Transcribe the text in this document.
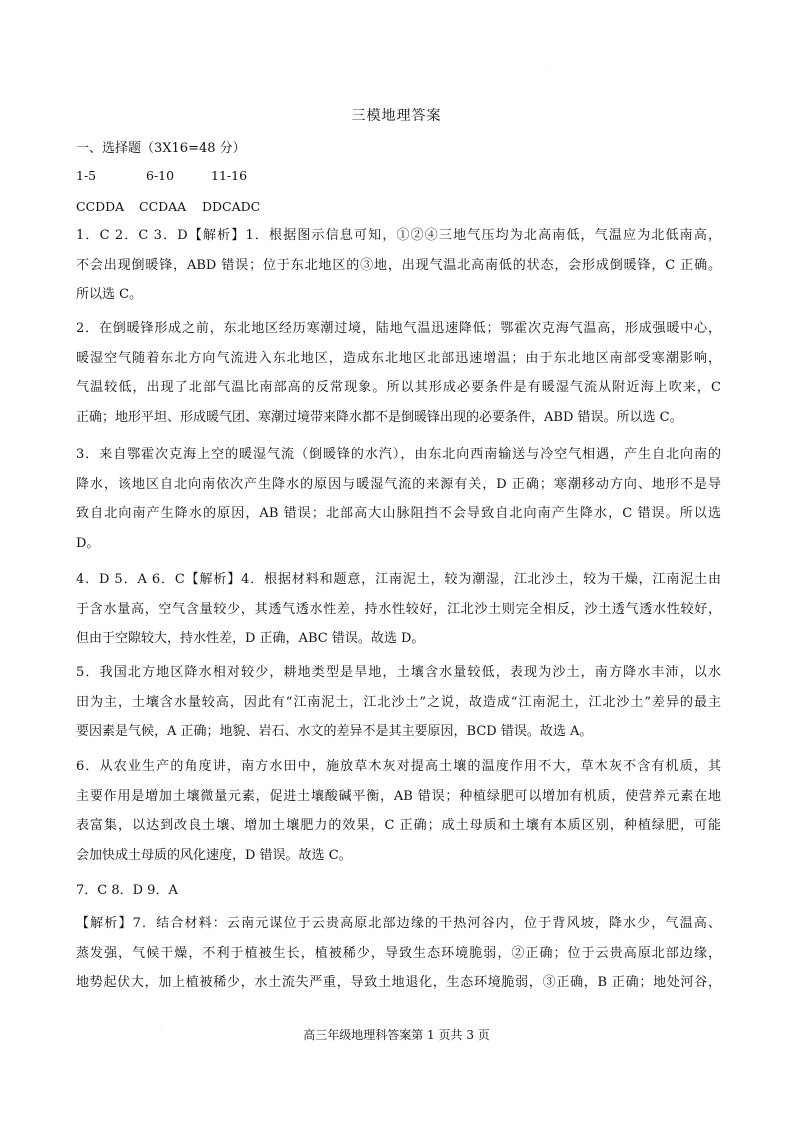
·
·
三模地理答案
一、选择题（3X16=48 分）
1-5	6-10	11-16
CCDDA CCDAA DDCADC

1．C 2．C 3．D【解析】1．根据图示信息可知，①②④三地气压均为北高南低，气温应为北低南高，

不会出现倒暖锋，ABD 错误；位于东北地区的③地，出现气温北高南低的状态，会形成倒暖锋，C 正确。

所以选 C。

2．在倒暖锋形成之前，东北地区经历寒潮过境，陆地气温迅速降低；鄂霍次克海气温高，形成强暖中心，

暖湿空气随着东北方向气流进入东北地区，造成东北地区北部迅速增温；由于东北地区南部受寒潮影响，

气温较低，出现了北部气温比南部高的反常现象。所以其形成必要条件是有暖湿气流从附近海上吹来，C

正确；地形平坦、形成暖气团、寒潮过境带来降水都不是倒暖锋出现的必要条件，ABD 错误。所以选 C。

3．来自鄂霍次克海上空的暖湿气流（倒暖锋的水汽），由东北向西南输送与冷空气相遇，产生自北向南的

降水，该地区自北向南依次产生降水的原因与暖湿气流的来源有关，D 正确；寒潮移动方向、地形不是导

致自北向南产生降水的原因，AB 错误；北部高大山脉阻挡不会导致自北向南产生降水，C 错误。所以选

D。

4．D 5．A 6．C【解析】4．根据材料和题意，江南泥土，较为潮湿，江北沙土，较为干燥，江南泥土由

于含水量高，空气含量较少，其透气透水性差，持水性较好，江北沙土则完全相反，沙土透气透水性较好，

但由于空隙较大，持水性差，D 正确，ABC 错误。故选 D。

5．我国北方地区降水相对较少，耕地类型是旱地，土壤含水量较低，表现为沙土，南方降水丰沛，以水

田为主，土壤含水量较高，因此有“江南泥土，江北沙土”之说，故造成“江南泥土，江北沙土”差异的最主

要因素是气候，A 正确；地貌、岩石、水文的差异不是其主要原因，BCD 错误。故选 A。

6．从农业生产的角度讲，南方水田中，施放草木灰对提高土壤的温度作用不大，草木灰不含有机质，其

主要作用是增加土壤微量元素，促进土壤酸碱平衡，AB 错误；种植绿肥可以增加有机质，使营养元素在地

表富集，以达到改良土壤、增加土壤肥力的效果，C 正确；成土母质和土壤有本质区别，种植绿肥，可能

会加快成土母质的风化速度，D 错误。故选 C。

7．C 8．D 9．A

【解析】7．结合材料：云南元谋位于云贵高原北部边缘的干热河谷内，位于背风坡，降水少，气温高、

蒸发强，气候干燥，不利于植被生长，植被稀少，导致生态环境脆弱，②正确；位于云贵高原北部边缘，

地势起伏大，加上植被稀少，水土流失严重，导致土地退化，生态环境脆弱，③正确，B 正确；地处河谷，

高三年级地理科答案第 1 页共 3 页
